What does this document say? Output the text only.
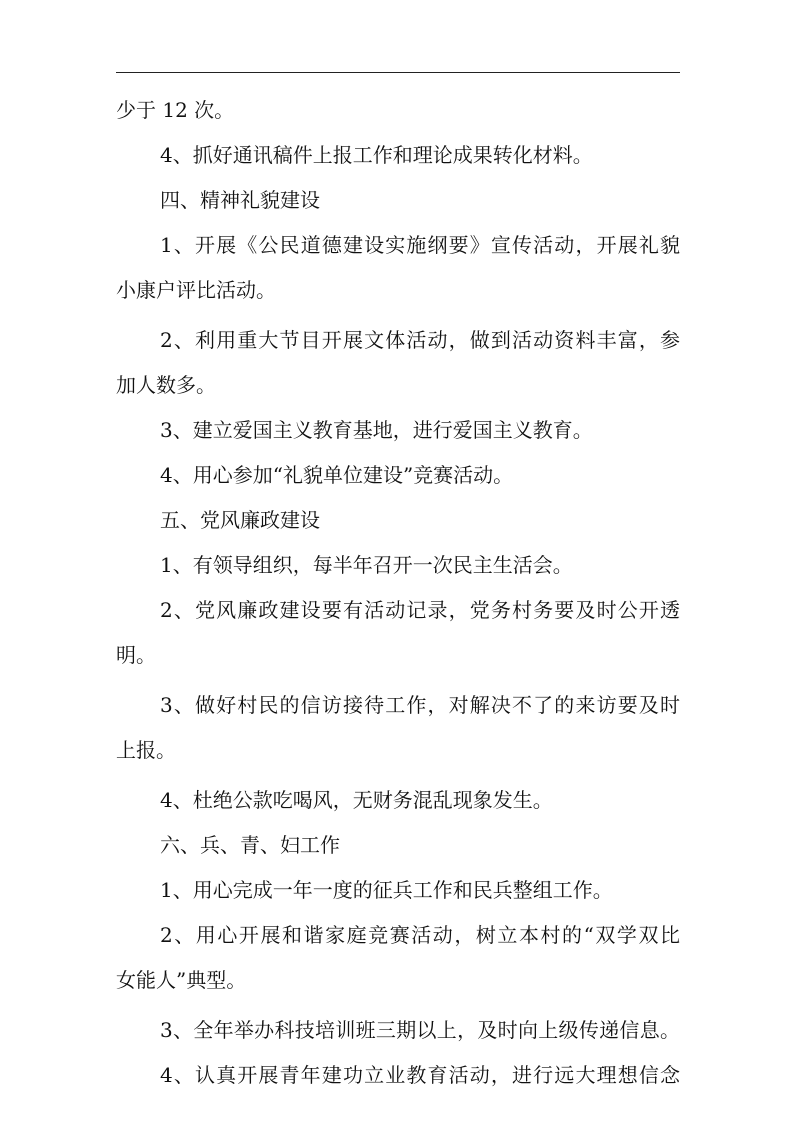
少于 12 次。
4、抓好通讯稿件上报工作和理论成果转化材料。
四、精神礼貌建设
1、开展《公民道德建设实施纲要》宣传活动，开展礼貌
小康户评比活动。
2、利用重大节目开展文体活动，做到活动资料丰富，参
加人数多。
3、建立爱国主义教育基地，进行爱国主义教育。
4、用心参加“礼貌单位建设”竞赛活动。
五、党风廉政建设
1、有领导组织，每半年召开一次民主生活会。
2、党风廉政建设要有活动记录，党务村务要及时公开透
明。
3、做好村民的信访接待工作，对解决不了的来访要及时
上报。
4、杜绝公款吃喝风，无财务混乱现象发生。
六、兵、青、妇工作
1、用心完成一年一度的征兵工作和民兵整组工作。
2、用心开展和谐家庭竞赛活动，树立本村的“双学双比
女能人”典型。
3、全年举办科技培训班三期以上，及时向上级传递信息。
4、认真开展青年建功立业教育活动，进行远大理想信念
